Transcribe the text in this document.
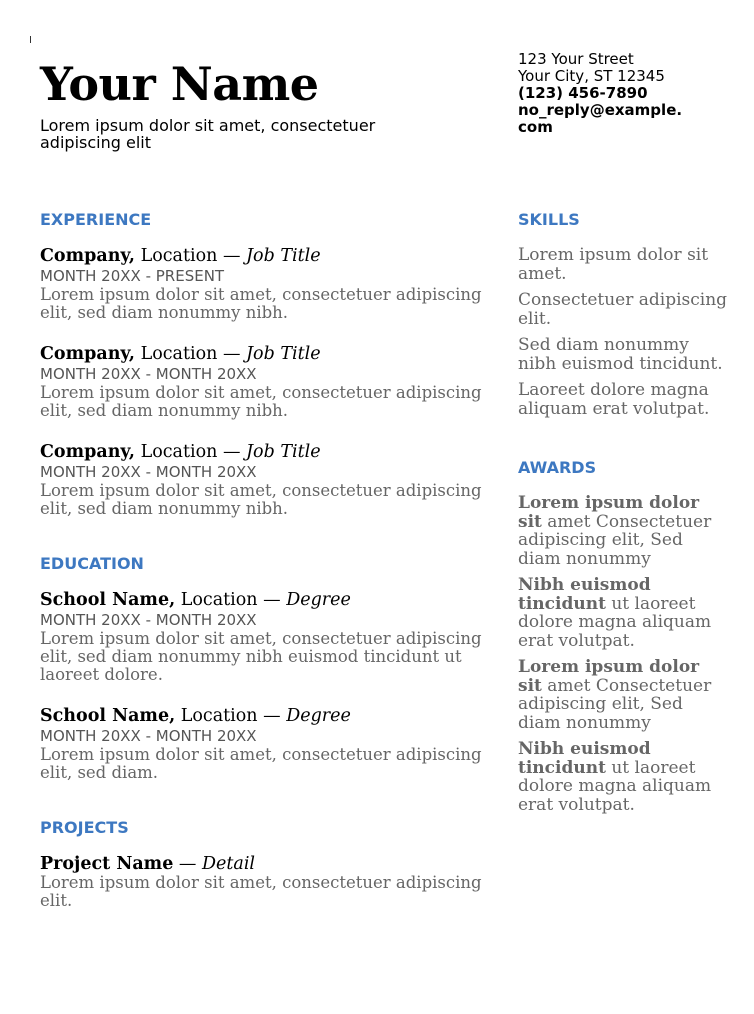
Your Name
Lorem ipsum dolor sit amet, consectetuer adipiscing elit
123 Your Street
Your City, ST 12345
(123) 456-7890
no_reply@example.
com
EXPERIENCE
Company, Location — Job Title
MONTH 20XX - PRESENT
Lorem ipsum dolor sit amet, consectetuer adipiscing elit, sed diam nonummy nibh.
Company, Location — Job Title
MONTH 20XX - MONTH 20XX
Lorem ipsum dolor sit amet, consectetuer adipiscing elit, sed diam nonummy nibh.
Company, Location — Job Title
MONTH 20XX - MONTH 20XX
Lorem ipsum dolor sit amet, consectetuer adipiscing elit, sed diam nonummy nibh.
EDUCATION
School Name, Location — Degree
MONTH 20XX - MONTH 20XX
Lorem ipsum dolor sit amet, consectetuer adipiscing elit, sed diam nonummy nibh euismod tincidunt ut laoreet dolore.
School Name, Location — Degree
MONTH 20XX - MONTH 20XX
Lorem ipsum dolor sit amet, consectetuer adipiscing elit, sed diam.
PROJECTS
Project Name — Detail
Lorem ipsum dolor sit amet, consectetuer adipiscing elit.
SKILLS
Lorem ipsum dolor sit amet.
Consectetuer adipiscing elit.
Sed diam nonummy nibh euismod tincidunt.
Laoreet dolore magna aliquam erat volutpat.
AWARDS
Lorem ipsum dolor sit amet Consectetuer adipiscing elit, Sed diam nonummy
Nibh euismod tincidunt ut laoreet dolore magna aliquam erat volutpat.
Lorem ipsum dolor sit amet Consectetuer adipiscing elit, Sed diam nonummy
Nibh euismod tincidunt ut laoreet dolore magna aliquam erat volutpat.
